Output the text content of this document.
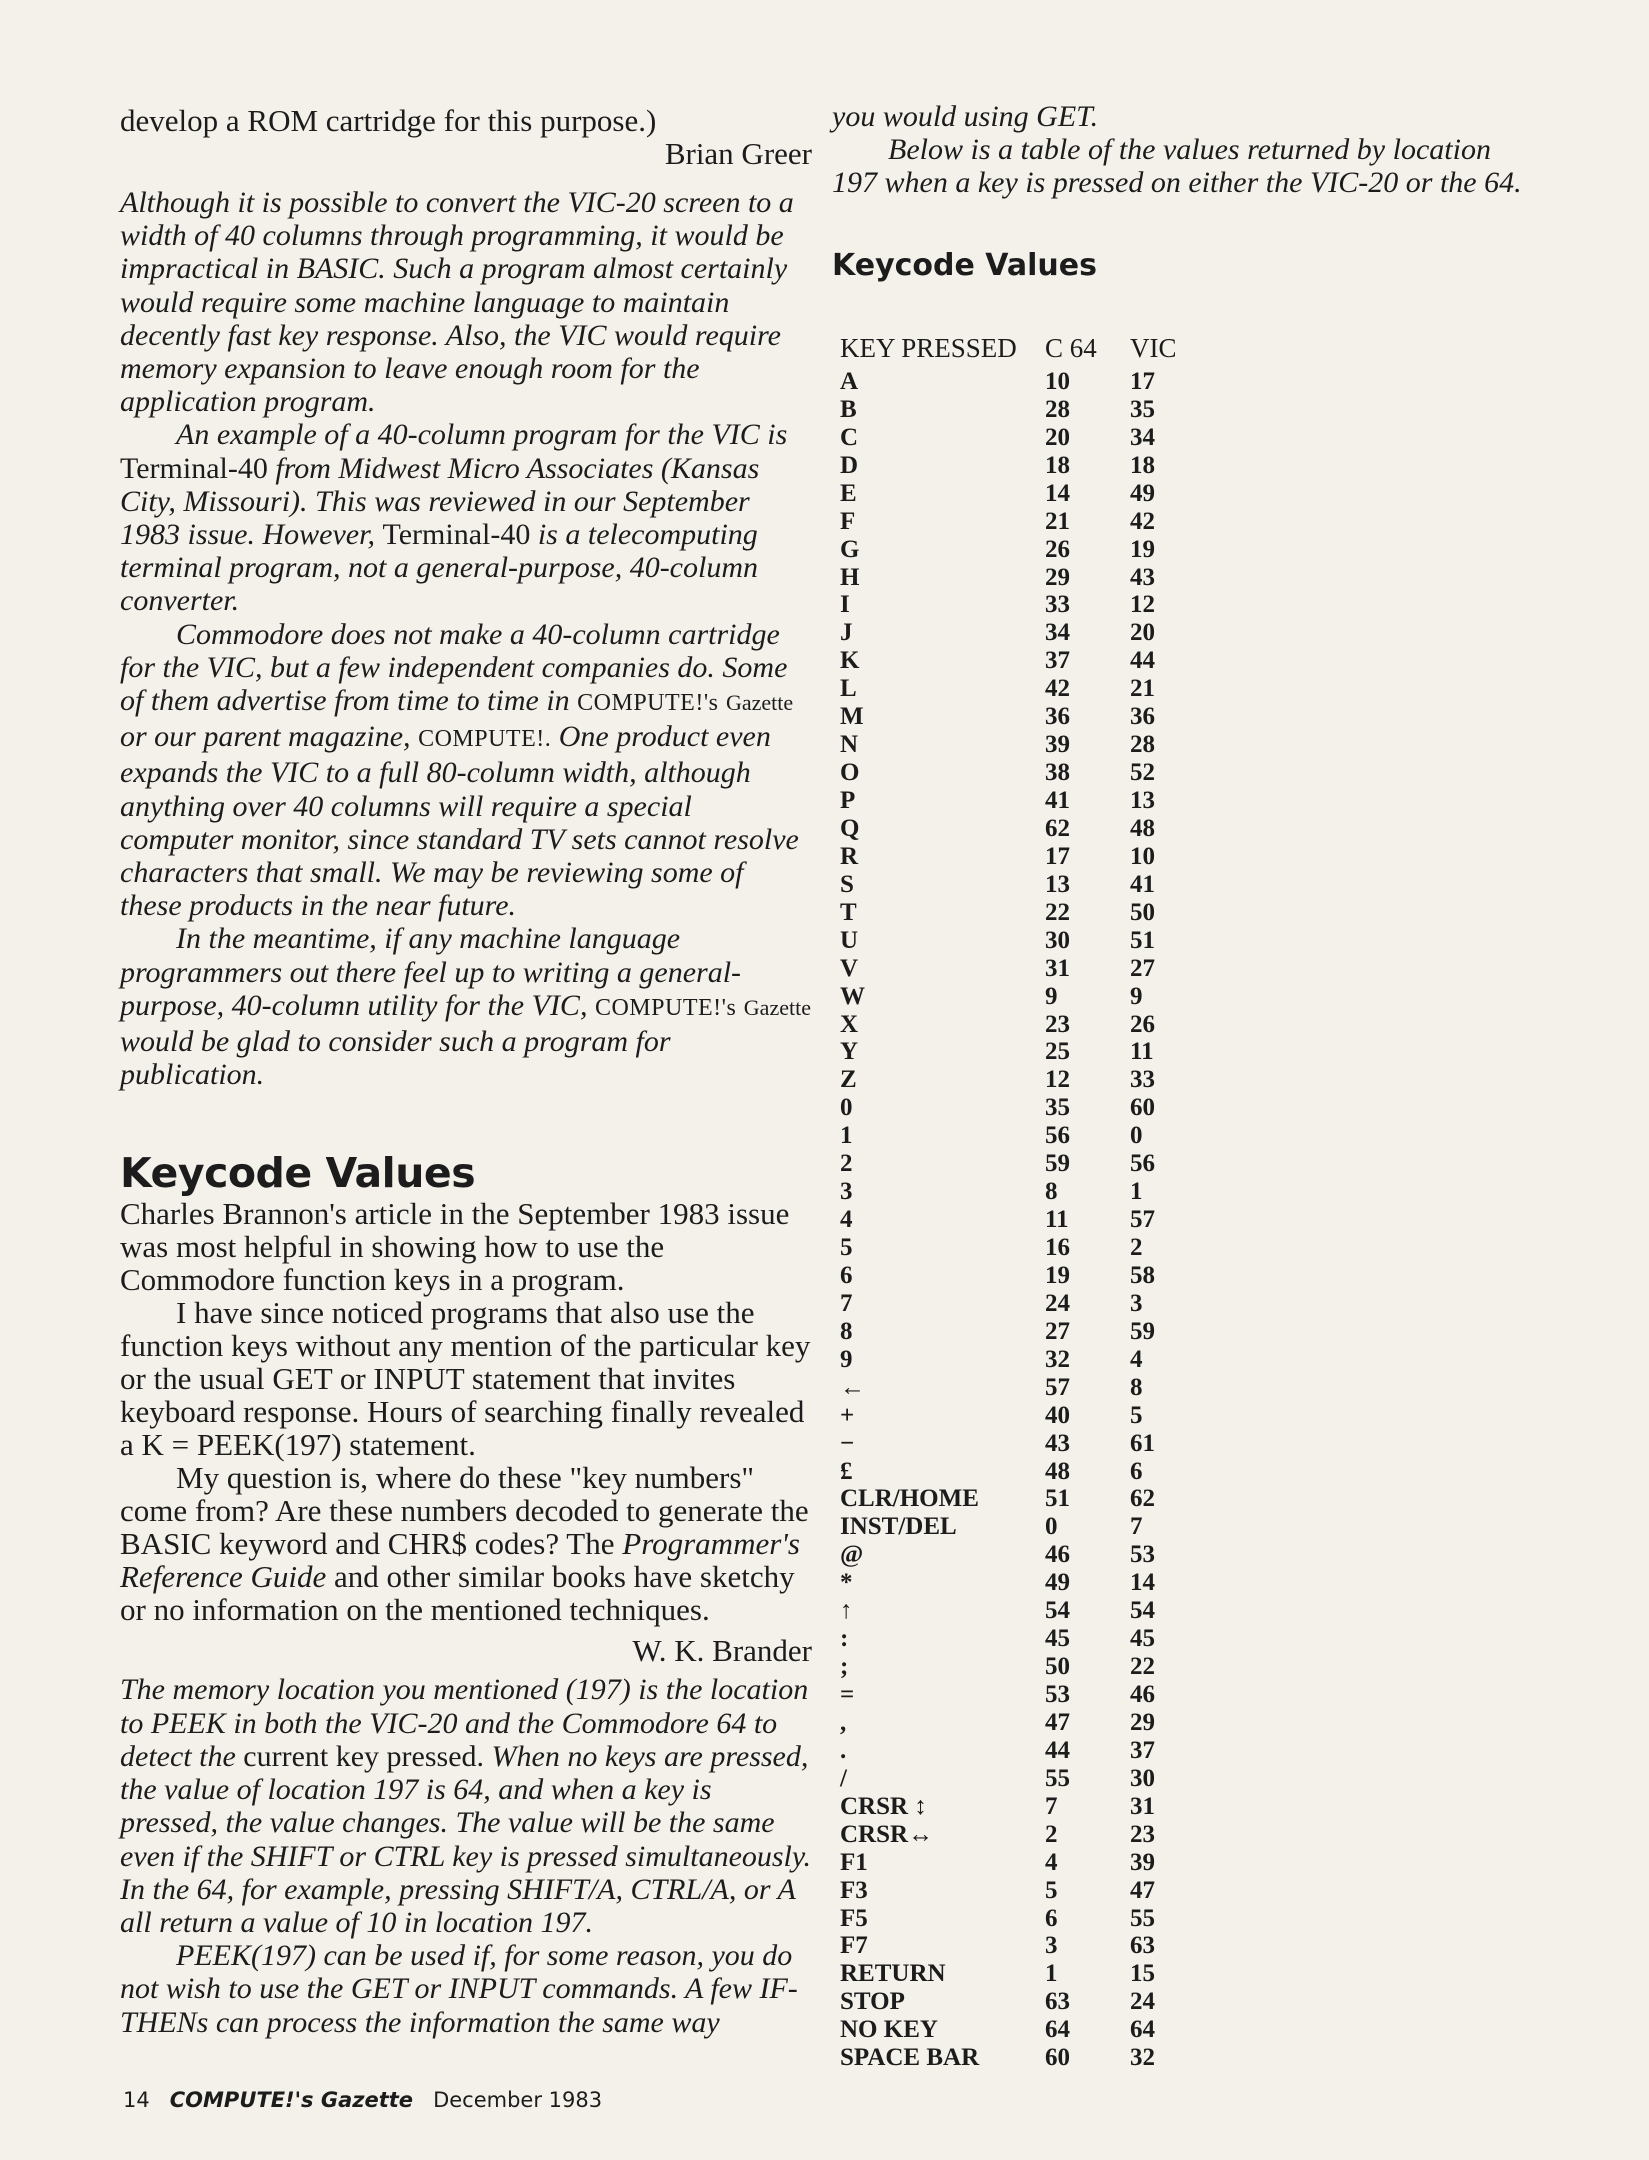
develop a ROM cartridge for this purpose.)

Brian Greer

Although it is possible to convert the VIC-20 screen to a width of 40 columns through programming, it would be impractical in BASIC. Such a program almost certainly would require some machine language to maintain decently fast key response. Also, the VIC would require memory expansion to leave enough room for the application program.

An example of a 40-column program for the VIC is Terminal-40 from Midwest Micro Associates (Kansas City, Missouri). This was reviewed in our September 1983 issue. However, Terminal-40 is a telecomputing terminal program, not a general-purpose, 40-column converter.

Commodore does not make a 40-column cartridge for the VIC, but a few independent companies do. Some of them advertise from time to time in COMPUTE!'s Gazette or our parent magazine, COMPUTE!. One product even expands the VIC to a full 80-column width, although anything over 40 columns will require a special computer monitor, since standard TV sets cannot resolve characters that small. We may be reviewing some of these products in the near future.

In the meantime, if any machine language programmers out there feel up to writing a general-purpose, 40-column utility for the VIC, COMPUTE!'s Gazette would be glad to consider such a program for publication.

Keycode Values

Charles Brannon's article in the September 1983 issue was most helpful in showing how to use the Commodore function keys in a program.

I have since noticed programs that also use the function keys without any mention of the particular key or the usual GET or INPUT statement that invites keyboard response. Hours of searching finally revealed a K = PEEK(197) statement.

My question is, where do these "key numbers" come from? Are these numbers decoded to generate the BASIC keyword and CHR$ codes? The Programmer's Reference Guide and other similar books have sketchy or no information on the mentioned techniques.

W. K. Brander

The memory location you mentioned (197) is the location to PEEK in both the VIC-20 and the Commodore 64 to detect the current key pressed. When no keys are pressed, the value of location 197 is 64, and when a key is pressed, the value changes. The value will be the same even if the SHIFT or CTRL key is pressed simultaneously. In the 64, for example, pressing SHIFT/A, CTRL/A, or A all return a value of 10 in location 197.

PEEK(197) can be used if, for some reason, you do not wish to use the GET or INPUT commands. A few IF-THENs can process the information the same way

you would using GET.

Below is a table of the values returned by location 197 when a key is pressed on either the VIC-20 or the 64.

Keycode Values
KEY PRESSED	C 64	VIC
A	10	17
B	28	35
C	20	34
D	18	18
E	14	49
F	21	42
G	26	19
H	29	43
I	33	12
J	34	20
K	37	44
L	42	21
M	36	36
N	39	28
O	38	52
P	41	13
Q	62	48
R	17	10
S	13	41
T	22	50
U	30	51
V	31	27
W	9	9
X	23	26
Y	25	11
Z	12	33
0	35	60
1	56	0
2	59	56
3	8	1
4	11	57
5	16	2
6	19	58
7	24	3
8	27	59
9	32	4
←	57	8
+	40	5
−	43	61
£	48	6
CLR/HOME	51	62
INST/DEL	0	7
@	46	53
*	49	14
↑	54	54
:	45	45
;	50	22
=	53	46
,	47	29
.	44	37
/	55	30
CRSR ↕	7	31
CRSR↔	2	23
F1	4	39
F3	5	47
F5	6	55
F7	3	63
RETURN	1	15
STOP	63	24
NO KEY	64	64
SPACE BAR	60	32
14 COMPUTE!'s Gazette December 1983
